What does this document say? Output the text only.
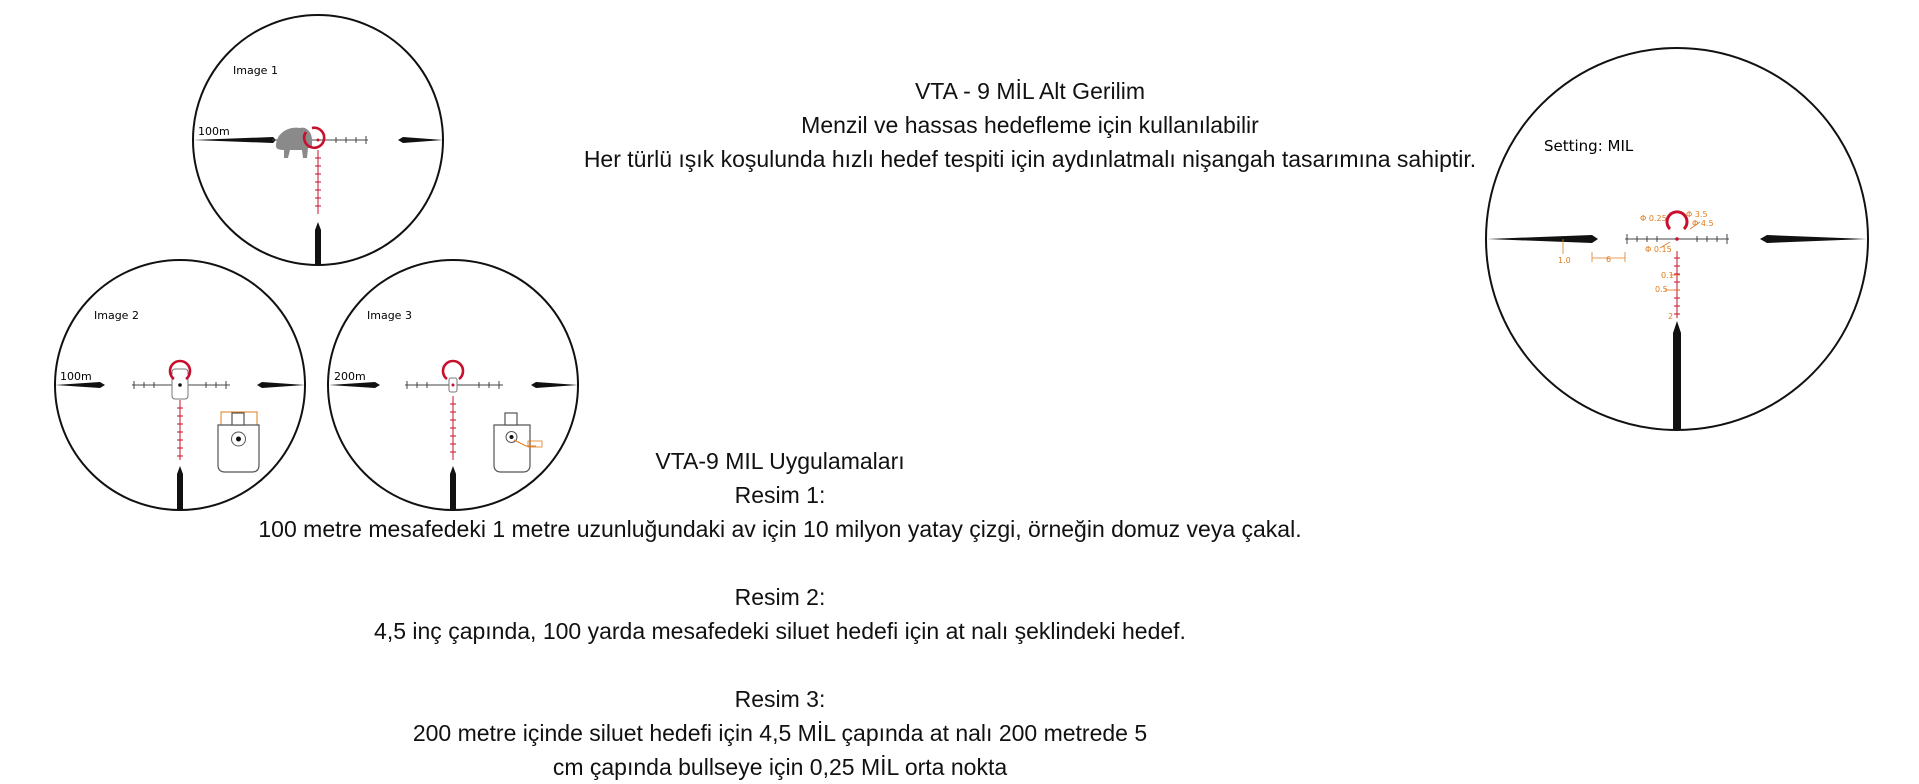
Image 1
100m
Image 2
100m
Image 3
200m
Setting: MIL
Φ 0.25 Φ 3.5
Φ 4.5
Φ 0.15
1.0	6
0.1
0.5
2
VTA - 9 MİL Alt Gerilim
Menzil ve hassas hedefleme için kullanılabilir
Her türlü ışık koşulunda hızlı hedef tespiti için aydınlatmalı nişangah tasarımına sahiptir.
VTA-9 MIL Uygulamaları
Resim 1:
100 metre mesafedeki 1 metre uzunluğundaki av için 10 milyon yatay çizgi, örneğin domuz veya çakal.
Resim 2:
4,5 inç çapında, 100 yarda mesafedeki siluet hedefi için at nalı şeklindeki hedef.
Resim 3:
200 metre içinde siluet hedefi için 4,5 MİL çapında at nalı 200 metrede 5
cm çapında bullseye için 0,25 MİL orta nokta
